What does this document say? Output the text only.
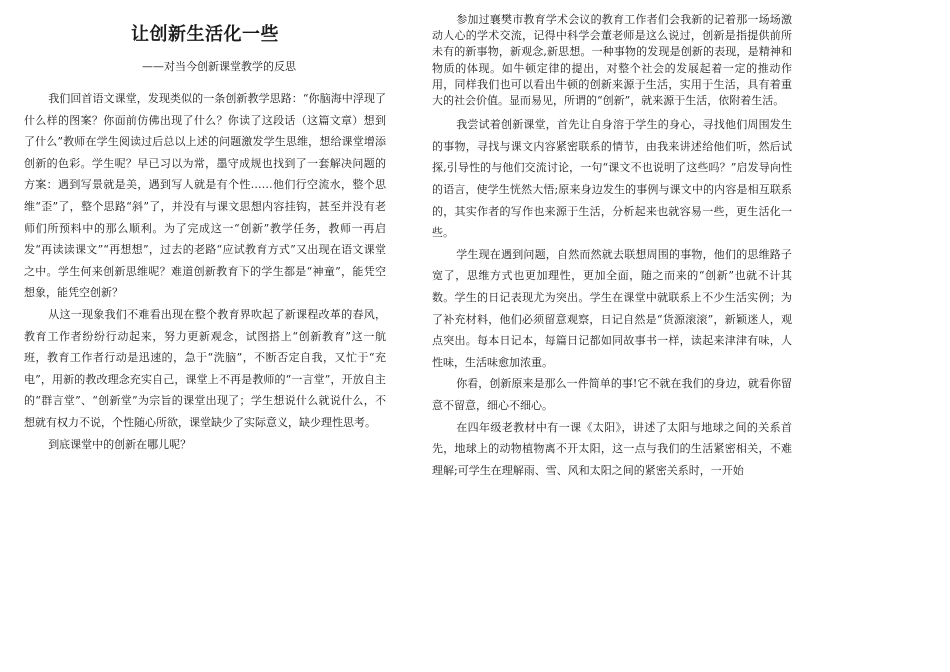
让创新生活化一些
——对当今创新课堂教学的反思

我们回首语文课堂，发现类似的一条创新教学思路：“你脑海中浮现了什么样的图案？你面前仿佛出现了什么？你读了这段话（这篇文章）想到了什么”教师在学生阅读过后总以上述的问题激发学生思维，想给课堂增添创新的色彩。学生呢？早已习以为常，墨守成规也找到了一套解决问题的方案：遇到写景就是美，遇到写人就是有个性……他们行空流水，整个思维“歪”了，整个思路“斜”了，并没有与课文思想内容挂钩，甚至并没有老师们所预料中的那么顺利。为了完成这一“创新”教学任务，教师一再启发“再读读课文”“再想想”，过去的老路“应试教育方式”又出现在语文课堂之中。学生何来创新思维呢？难道创新教育下的学生都是“神童”，能凭空想象，能凭空创新？

从这一现象我们不难看出现在整个教育界吹起了新课程改革的春风，教育工作者纷纷行动起来，努力更新观念，试图搭上“创新教育”这一航班，教育工作者行动是迅速的，急于“洗脑”，不断否定自我，又忙于“充电”，用新的教改理念充实自己，课堂上不再是教师的“一言堂”，开放自主的“群言堂”、“创新堂”为宗旨的课堂出现了；学生想说什么就说什么，不想就有权力不说，个性随心所欲，课堂缺少了实际意义，缺少理性思考。

到底课堂中的创新在哪儿呢？

参加过襄樊市教育学术会议的教育工作者们会我新的记着那一场场激动人心的学术交流，记得中科学会董老师是这么说过，创新是指提供前所未有的新事物，新观念,新思想。一种事物的发现是创新的表现，是精神和物质的体现。如牛顿定律的提出，对整个社会的发展起着一定的推动作用，同样我们也可以看出牛顿的创新来源于生活，实用于生活，具有着重大的社会价值。显而易见，所谓的“创新”，就来源于生活，依附着生活。

我尝试着创新课堂，首先让自身溶于学生的身心，寻找他们周围发生的事物，寻找与课文内容紧密联系的情节，由我来讲述给他们听，然后试探,引导性的与他们交流讨论，一句“课文不也说明了这些吗？”启发导向性的语言，使学生恍然大悟;原来身边发生的事例与课文中的内容是相互联系的，其实作者的写作也来源于生活，分析起来也就容易一些，更生活化一些。

学生现在遇到问题，自然而然就去联想周围的事物，他们的思维路子宽了，思维方式也更加理性，更加全面，随之而来的“创新”也就不计其数。学生的日记表现尤为突出。学生在课堂中就联系上不少生活实例；为了补充材料，他们必须留意观察，日记自然是“货源滚滚”，新颖迷人，观点突出。每本日记本，每篇日记都如同故事书一样，读起来津津有味，人性味，生活味愈加浓重。

你看，创新原来是那么一件简单的事!它不就在我们的身边，就看你留意不留意，细心不细心。

在四年级老教材中有一课《太阳》，讲述了太阳与地球之间的关系首先，地球上的动物植物离不开太阳，这一点与我们的生活紧密相关，不难理解;可学生在理解雨、雪、风和太阳之间的紧密关系时，一开始
